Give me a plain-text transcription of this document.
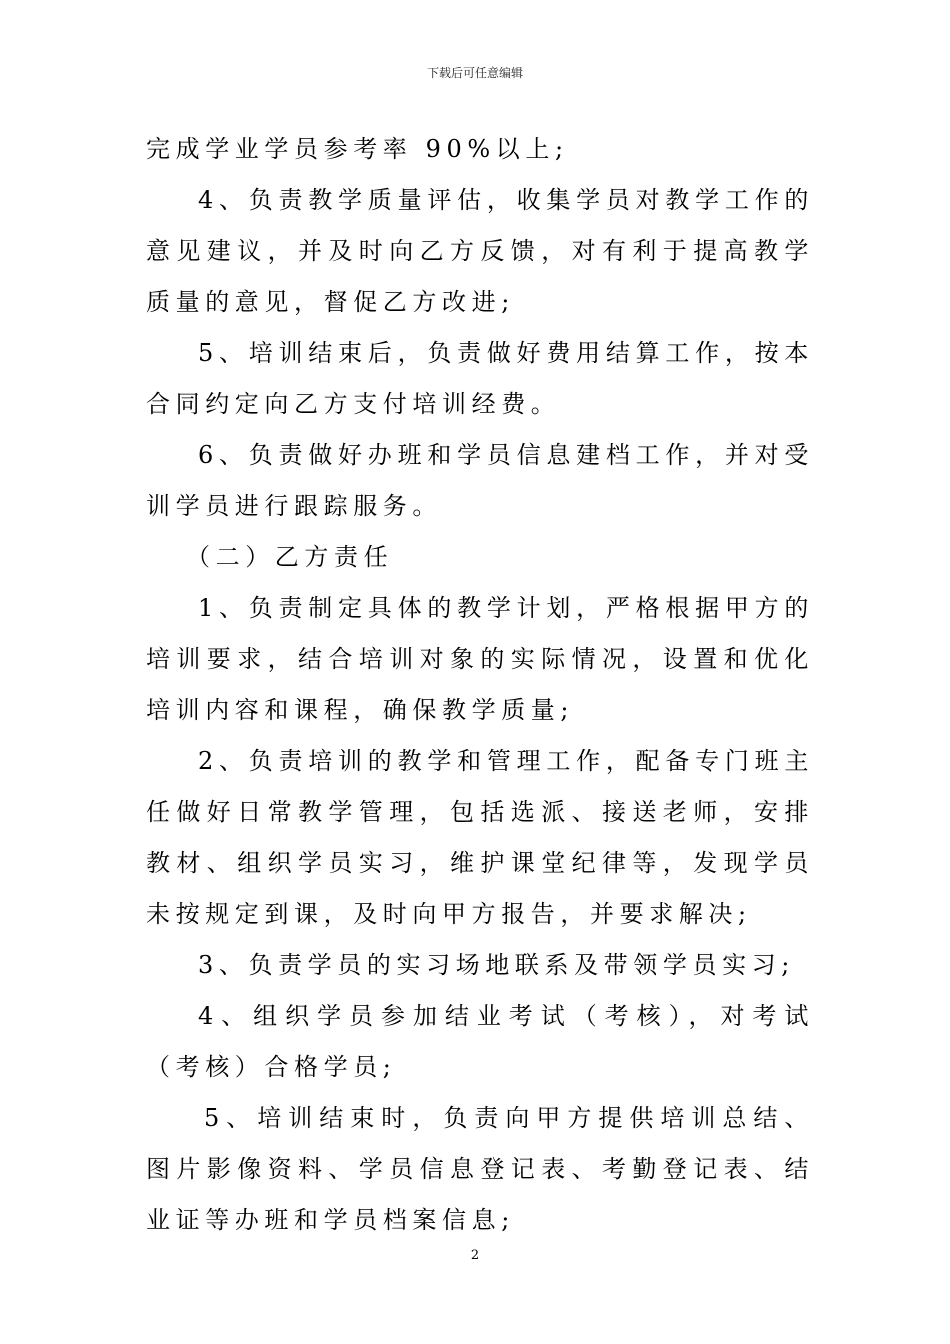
下载后可任意编辑

完成学业学员参考率 90%以上;

4、负责教学质量评估，收集学员对教学工作的意见建议，并及时向乙方反馈，对有利于提高教学质量的意见，督促乙方改进;

5、培训结束后，负责做好费用结算工作，按本合同约定向乙方支付培训经费。

6、负责做好办班和学员信息建档工作，并对受训学员进行跟踪服务。

（二）乙方责任

1、负责制定具体的教学计划，严格根据甲方的培训要求，结合培训对象的实际情况，设置和优化培训内容和课程，确保教学质量;

2、负责培训的教学和管理工作，配备专门班主任做好日常教学管理，包括选派、接送老师，安排教材、组织学员实习，维护课堂纪律等，发现学员未按规定到课，及时向甲方报告，并要求解决;

3、负责学员的实习场地联系及带领学员实习;

4、组织学员参加结业考试（考核），对考试（考核）合格学员;

5、培训结束时，负责向甲方提供培训总结、图片影像资料、学员信息登记表、考勤登记表、结业证等办班和学员档案信息;

2
